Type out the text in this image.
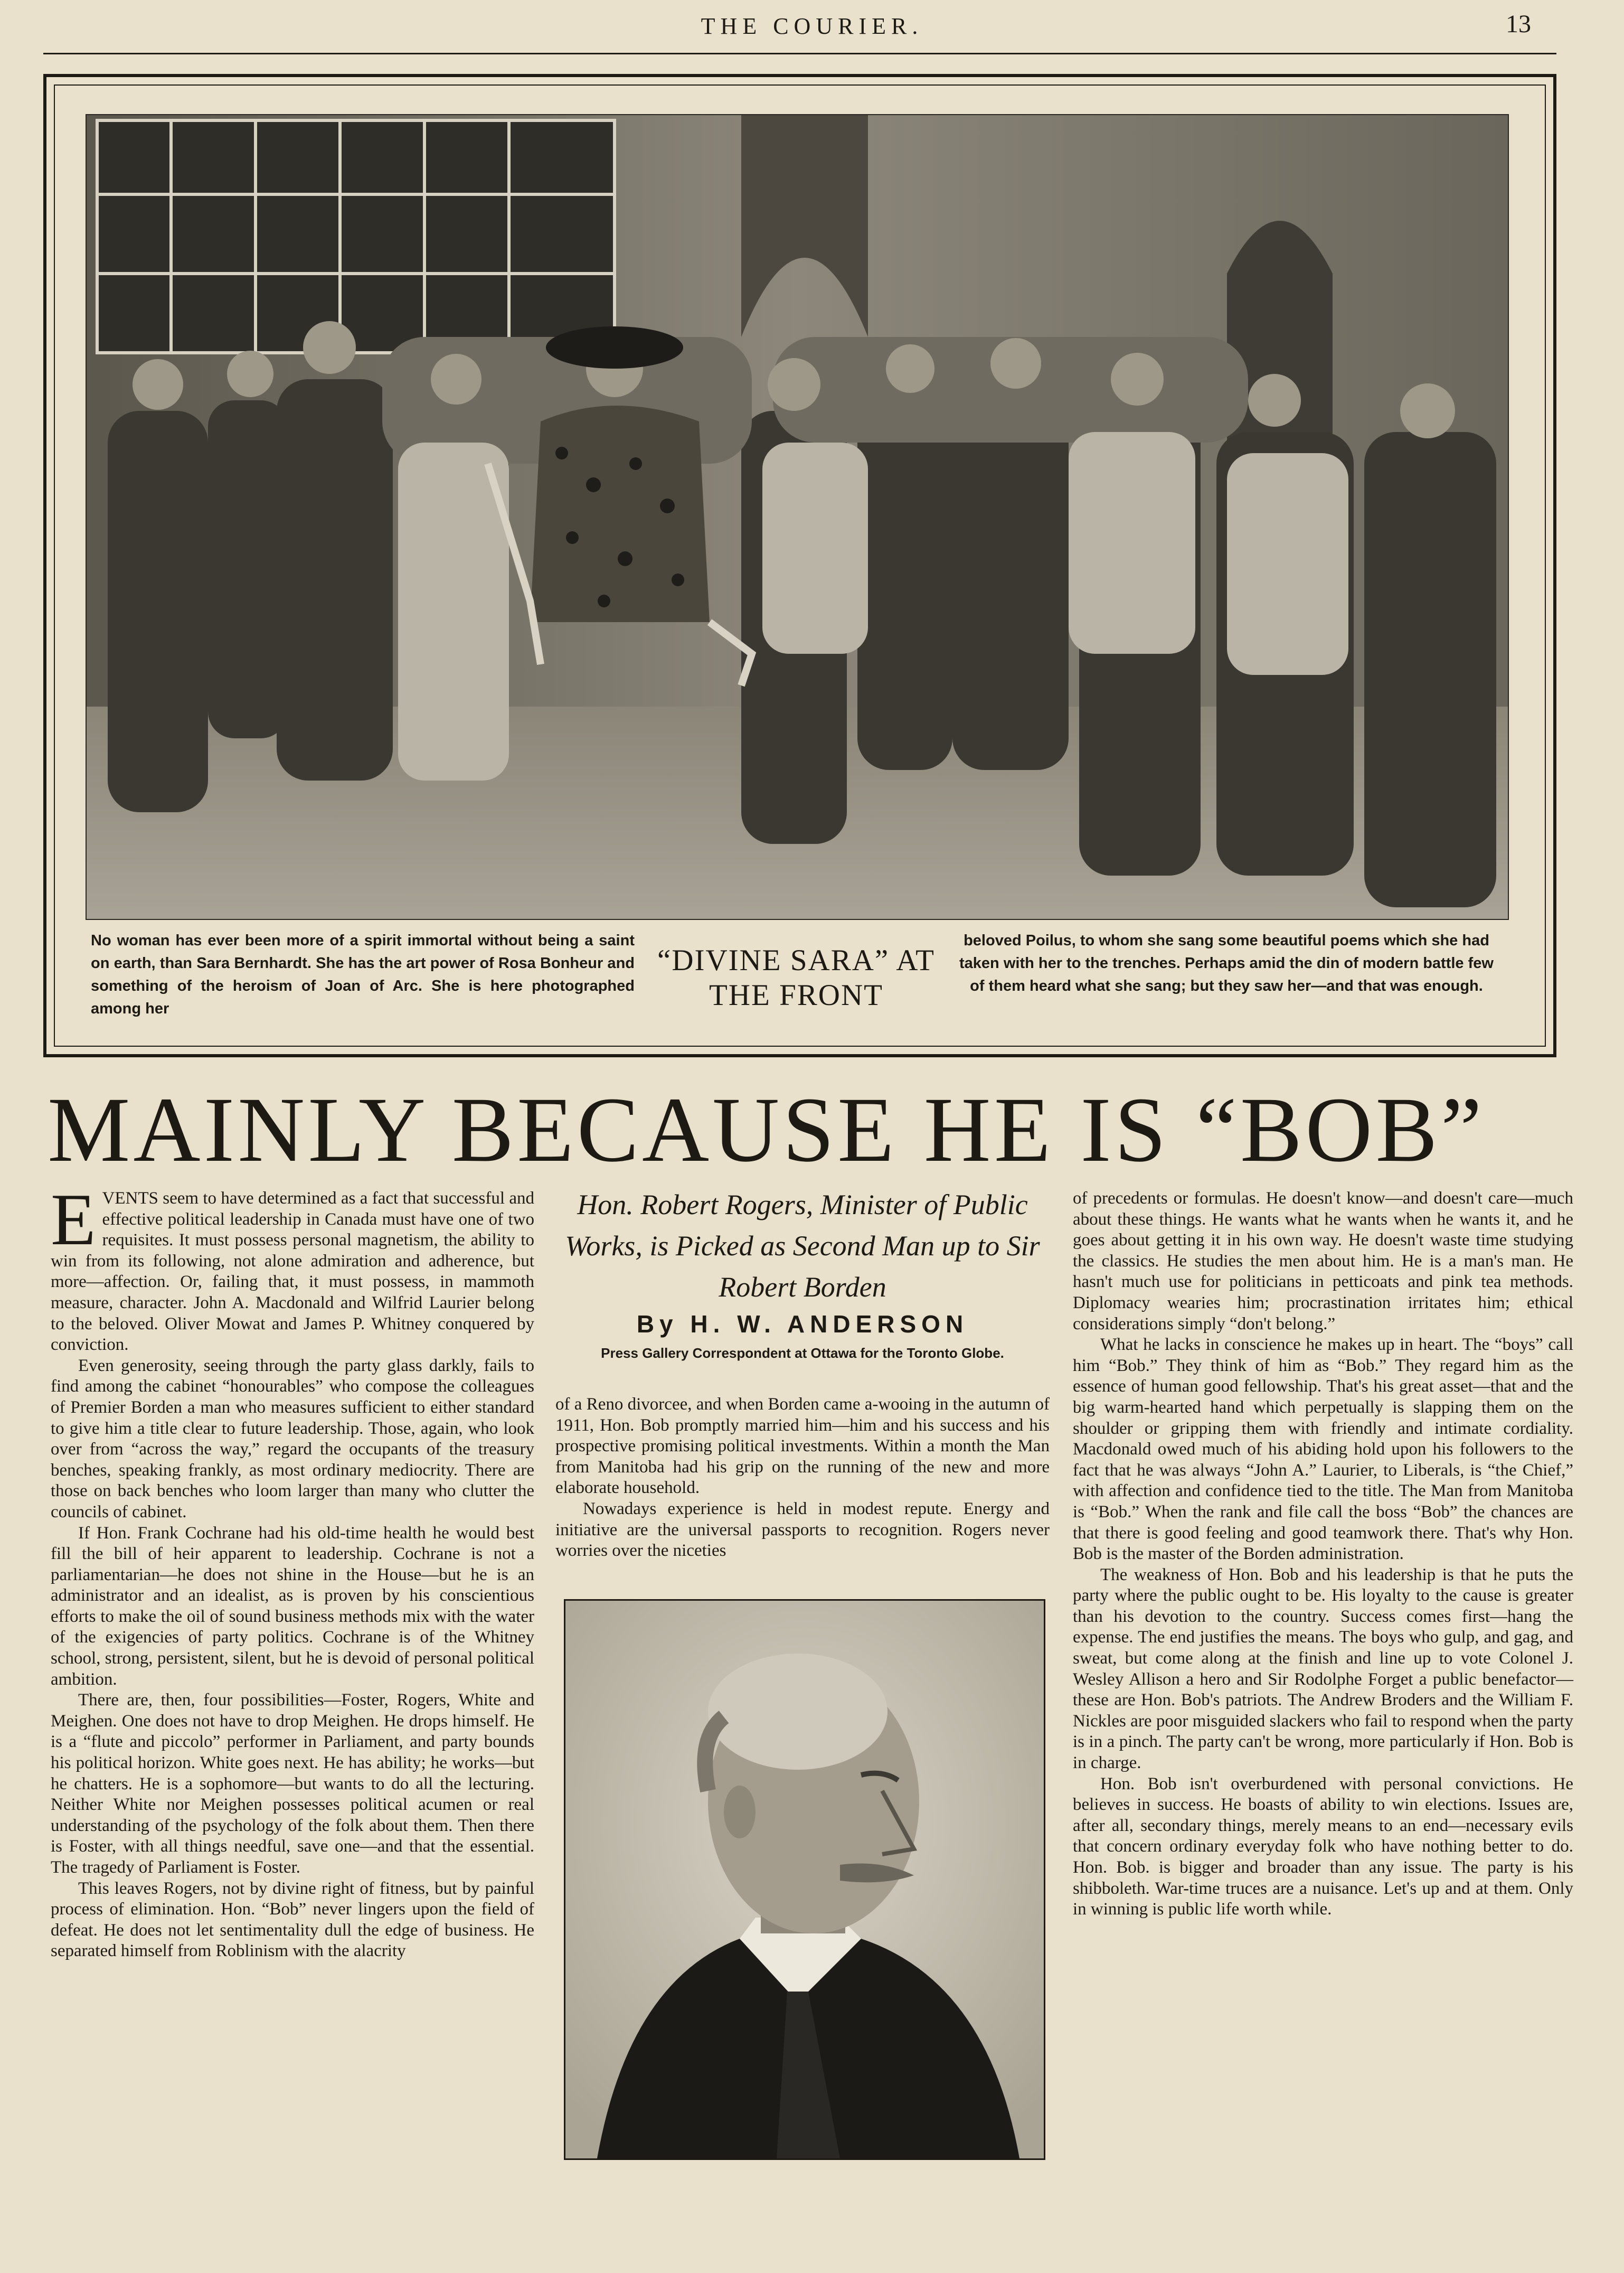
THE COURIER.	13
No woman has ever been more of a spirit immortal without being a saint on earth, than Sara Bernhardt. She has the art power of Rosa Bonheur and something of the heroism of Joan of Arc. She is here photographed among her
“DIVINE SARA” AT THE FRONT
beloved Poilus, to whom she sang some beautiful poems which she had taken with her to the trenches. Perhaps amid the din of modern battle few of them heard what she sang; but they saw her—and that was enough.
MAINLY BECAUSE HE IS “BOB”

EVENTS seem to have determined as a fact that successful and effective political leadership in Canada must have one of two requisites. It must possess personal magnetism, the ability to win from its following, not alone admiration and adherence, but more—affection. Or, failing that, it must possess, in mammoth measure, character. John A. Macdonald and Wilfrid Laurier belong to the beloved. Oliver Mowat and James P. Whitney conquered by conviction.

Even generosity, seeing through the party glass darkly, fails to find among the cabinet “honourables” who compose the colleagues of Premier Borden a man who measures sufficient to either standard to give him a title clear to future leadership. Those, again, who look over from “across the way,” regard the occupants of the treasury benches, speaking frankly, as most ordinary mediocrity. There are those on back benches who loom larger than many who clutter the councils of cabinet.

If Hon. Frank Cochrane had his old-time health he would best fill the bill of heir apparent to leadership. Cochrane is not a parliamentarian—he does not shine in the House—but he is an administrator and an idealist, as is proven by his conscientious efforts to make the oil of sound business methods mix with the water of the exigencies of party politics. Cochrane is of the Whitney school, strong, persistent, silent, but he is devoid of personal political ambition.

There are, then, four possibilities—Foster, Rogers, White and Meighen. One does not have to drop Meighen. He drops himself. He is a “flute and piccolo” performer in Parliament, and party bounds his political horizon. White goes next. He has ability; he works—but he chatters. He is a sophomore—but wants to do all the lecturing. Neither White nor Meighen possesses political acumen or real understanding of the psychology of the folk about them. Then there is Foster, with all things needful, save one—and that the essential. The tragedy of Parliament is Foster.

This leaves Rogers, not by divine right of fitness, but by painful process of elimination. Hon. “Bob” never lingers upon the field of defeat. He does not let sentimentality dull the edge of business. He separated himself from Roblinism with the alacrity

Hon. Robert Rogers, Minister of Public Works, is Picked as Second Man up to Sir Robert Borden
By H. W. ANDERSON
Press Gallery Correspondent at Ottawa for the Toronto Globe.

of a Reno divorcee, and when Borden came a-wooing in the autumn of 1911, Hon. Bob promptly married him—him and his success and his prospective promising political investments. Within a month the Man from Manitoba had his grip on the running of the new and more elaborate household.

Nowadays experience is held in modest repute. Energy and initiative are the universal passports to recognition. Rogers never worries over the niceties

of precedents or formulas. He doesn't know—and doesn't care—much about these things. He wants what he wants when he wants it, and he goes about getting it in his own way. He doesn't waste time studying the classics. He studies the men about him. He is a man's man. He hasn't much use for politicians in petticoats and pink tea methods. Diplomacy wearies him; procrastination irritates him; ethical considerations simply “don't belong.”

What he lacks in conscience he makes up in heart. The “boys” call him “Bob.” They think of him as “Bob.” They regard him as the essence of human good fellowship. That's his great asset—that and the big warm-hearted hand which perpetually is slapping them on the shoulder or gripping them with friendly and intimate cordiality. Macdonald owed much of his abiding hold upon his followers to the fact that he was always “John A.” Laurier, to Liberals, is “the Chief,” with affection and confidence tied to the title. The Man from Manitoba is “Bob.” When the rank and file call the boss “Bob” the chances are that there is good feeling and good teamwork there. That's why Hon. Bob is the master of the Borden administration.

The weakness of Hon. Bob and his leadership is that he puts the party where the public ought to be. His loyalty to the cause is greater than his devotion to the country. Success comes first—hang the expense. The end justifies the means. The boys who gulp, and gag, and sweat, but come along at the finish and line up to vote Colonel J. Wesley Allison a hero and Sir Rodolphe Forget a public benefactor—these are Hon. Bob's patriots. The Andrew Broders and the William F. Nickles are poor misguided slackers who fail to respond when the party is in a pinch. The party can't be wrong, more particularly if Hon. Bob is in charge.

Hon. Bob isn't overburdened with personal convictions. He believes in success. He boasts of ability to win elections. Issues are, after all, secondary things, merely means to an end—necessary evils that concern ordinary everyday folk who have nothing better to do. Hon. Bob. is bigger and broader than any issue. The party is his shibboleth. War-time truces are a nuisance. Let's up and at them. Only in winning is public life worth while.
